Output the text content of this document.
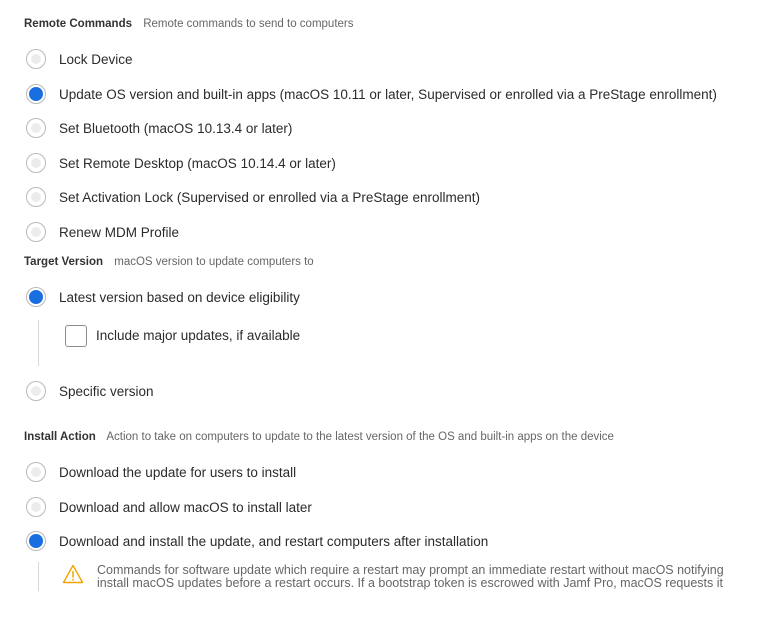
Remote Commands Remote commands to send to computers
Lock Device
Update OS version and built-in apps (macOS 10.11 or later, Supervised or enrolled via a PreStage enrollment)
Set Bluetooth (macOS 10.13.4 or later)
Set Remote Desktop (macOS 10.14.4 or later)
Set Activation Lock (Supervised or enrolled via a PreStage enrollment)
Renew MDM Profile
Target Version macOS version to update computers to
Latest version based on device eligibility
Include major updates, if available
Specific version
Install Action Action to take on computers to update to the latest version of the OS and built-in apps on the device
Download the update for users to install
Download and allow macOS to install later
Download and install the update, and restart computers after installation
Commands for software update which require a restart may prompt an immediate restart without macOS notifying
install macOS updates before a restart occurs. If a bootstrap token is escrowed with Jamf Pro, macOS requests it
